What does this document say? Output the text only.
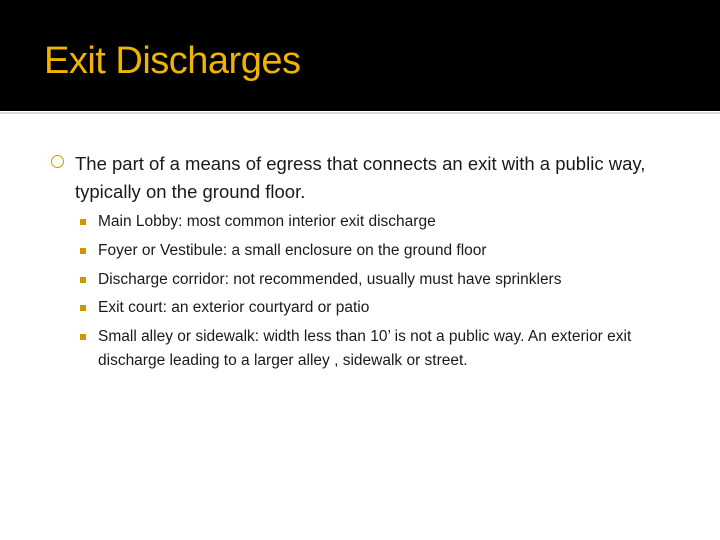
Exit Discharges
The part of a means of egress that connects an exit with a public way, typically on the ground floor.
Main Lobby: most common interior exit discharge
Foyer or Vestibule: a small enclosure on the ground floor
Discharge corridor: not recommended, usually must have sprinklers
Exit court: an exterior courtyard or patio
Small alley or sidewalk: width less than 10’ is not a public way. An exterior exit discharge leading to a larger alley , sidewalk or street.
